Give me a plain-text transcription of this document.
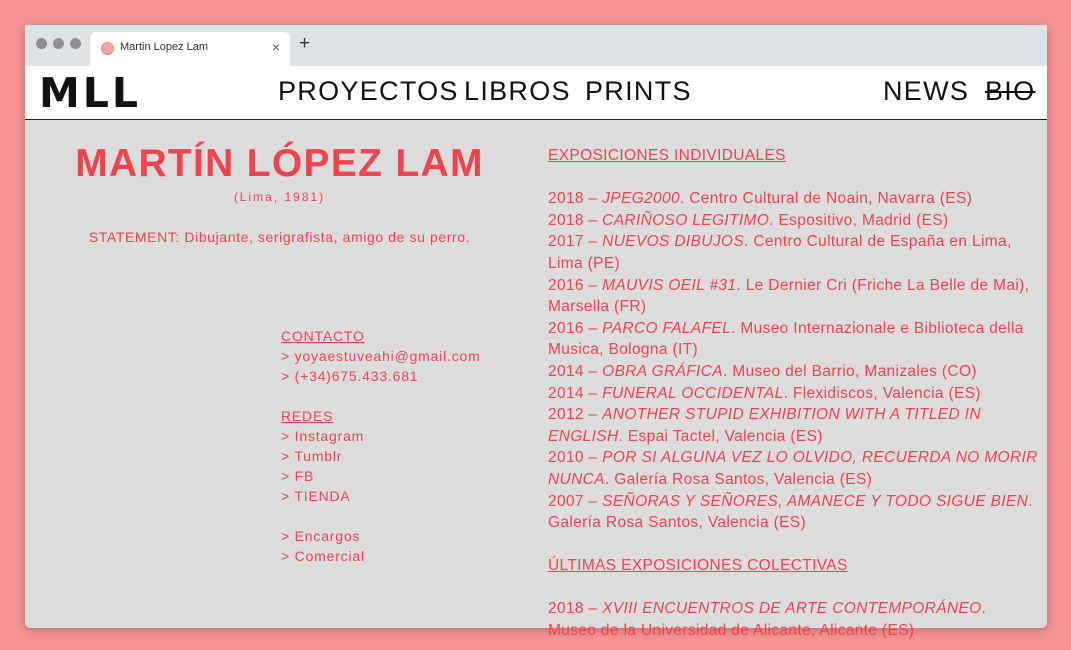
Martin Lopez Lam	× +
MLL	PROYECTOS LIBROS PRINTS	NEWS BIO
MARTÍN LÓPEZ LAM
(Lima, 1981)
STATEMENT: Dibujante, serigrafista, amigo de su perro.
CONTACTO
> yoyaestuveahi@gmail.com
> (+34)675.433.681
REDES
> Instagram
> Tumblr
> FB
> TIENDA
> Encargos
> Comercial
EXPOSICIONES INDIVIDUALES
2018 – JPEG2000. Centro Cultural de Noain, Navarra (ES)
2018 – CARIÑOSO LEGITIMO. Espositivo, Madrid (ES)
2017 – NUEVOS DIBUJOS. Centro Cultural de España en Lima, Lima (PE)
2016 – MAUVIS OEIL #31. Le Dernier Cri (Friche La Belle de Mai), Marsella (FR)
2016 – PARCO FALAFEL. Museo Internazionale e Biblioteca della Musica, Bologna (IT)
2014 – OBRA GRÁFICA. Museo del Barrio, Manizales (CO)
2014 – FUNERAL OCCIDENTAL. Flexidiscos, Valencia (ES)
2012 – ANOTHER STUPID EXHIBITION WITH A TITLED IN ENGLISH. Espai Tactel, Valencia (ES)
2010 – POR SI ALGUNA VEZ LO OLVIDO, RECUERDA NO MORIR NUNCA. Galería Rosa Santos, Valencia (ES)
2007 – SEÑORAS Y SEÑORES, AMANECE Y TODO SIGUE BIEN. Galería Rosa Santos, Valencia (ES)
ÚLTIMAS EXPOSICIONES COLECTIVAS
2018 – XVIII ENCUENTROS DE ARTE CONTEMPORÁNEO. Museo de la Universidad de Alicante, Alicante (ES)
